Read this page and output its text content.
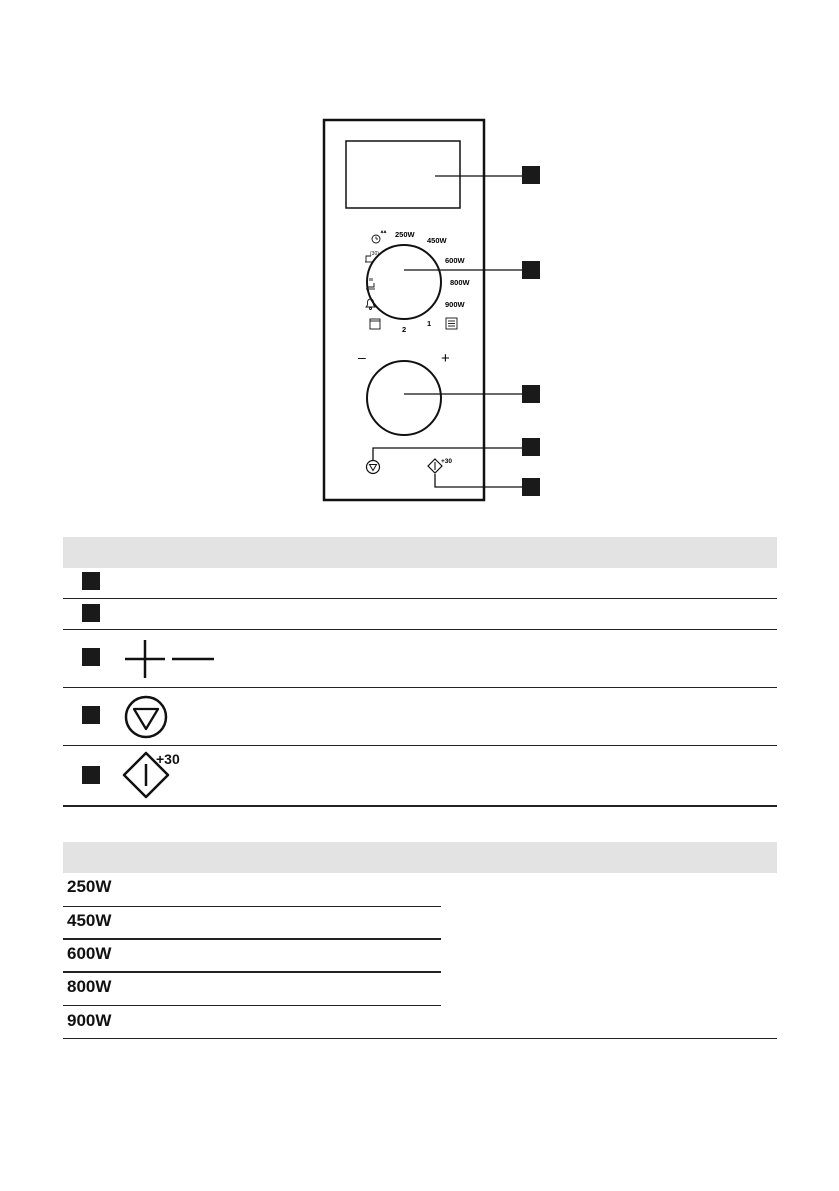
250W
450W
600W
800W
900W
2
1
(30)
–	+
+30
+30
250W
450W
600W
800W
900W
